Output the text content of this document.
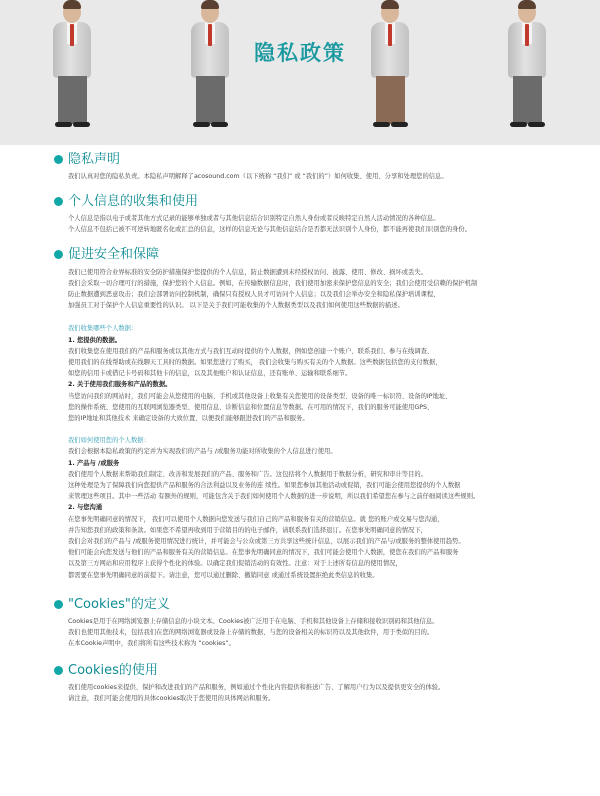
隐私政策
隐私声明

我们认真对您的隐私负责。本隐私声明解释了acosound.com（以下统称 “我们” 或 “我们的”）如何收集、使用、分享和处理您的信息。

个人信息的收集和使用

个人信息是指以电子或者其他方式记录的能够单独或者与其他信息结合识别特定自然人身份或者反映特定自然人活动情况的各种信息。

个人信息不包括已被不可逆转地匿名化或汇总的信息，这样的信息无论与其他信息结合是否都无法识别个人身份，都不能再使我们识别您的身份。

促进安全和保障

我们已使用符合业界标准的安全防护措施保护您提供的个人信息，防止数据遭到未经授权访问、披露、使用、修改、损坏或丢失。

我们会采取一切合理可行的措施，保护您的个人信息。例如，在传输数据信息时，我们使用加密来保护您信息的安全；我们会使用受信赖的保护机制

防止数据遭到恶意攻击；我们会部署访问控制机制，确保只有授权人员才可访问个人信息；以及我们会举办安全和隐私保护培训课程，

加强员工对于保护个人信息重要性的认识。 以下是关于我们可能收集的个人数据类型以及我们如何使用这些数据的描述。

我们收集哪些个人数据：

1. 您提供的数据。

我们收集您在使用我们的产品和服务或以其他方式与我们互动时提供的个人数据，例如您创建一个账户、联系我们、参与在线调查、

使用我们的在线帮助或在线聊天工具时的数据。如果您进行了购买， 我们会收集与购买有关的个人数据。这些数据包括您的支付数据，

如您的信用卡或借记卡号码和其他卡的信息，以及其他账户和认证信息，还有账单、运输和联系细节。

2. 关于使用我们服务和产品的数据。

当您访问我们的网站时，我们可能会从您使用的电脑、手机或其他设备上收集有关您使用的设备类型、设备的唯一标识符、设备的IP地址、

您的操作系统、您使用的互联网浏览器类型、使用信息、诊断信息和位置信息等数据。在可用的情况下，我们的服务可能使用GPS、

您的IP地址和其他技术 来确定设备的大致位置，以便我们能够跟进我们的产品和服务。

我们如何使用您的个人数据：

我们会根据本隐私政策的约定并为实现我们的产品与 /或服务功能对所收集的个人信息进行使用。

1. 产品与 /或服务

我们使用个人数据来帮助我们制定、改善和发展我们的产品、服务和广告。这包括将个人数据用于数据分析，研究和审计等目的。

这种处理是为了保障我们向您提供产品和服务的合法利益以及业务的连 续性。如果您参加其他活动或促销，我们可能会使用您提供的个人数据

来管理这些项目。其中一些活动 有额外的规则，可能包含关于我们如何使用个人数据的进一步说明，所以我们希望您在参与之前仔细阅读这些规则。

2. 与您沟通

在您事先明确同意的情况下， 我们可以使用个人数据向您发送与我们自己的产品和服务有关的营销信息。就 您的账户或交易与您沟通，

并告知您我们的政策和条款。如果您不希望再收到用于营销目的的电子邮件，请联系我们选择退订。在您事先明确同意的情况下，

我们会对我们的产品与 /或服务使用情况进行统计，并可能会与公众或第三方共享这些统计信息，以展示我们的产品与/或服务的整体使用趋势。

他们可能会向您发送与他们的产品和服务有关的营销信息。在您事先明确同意的情况下，我们可能会使用个人数据，使您在我们的产品和服务

以及第三方网站和应用程序上获得个性化的体验。以确定我们促销活动的有效性。注意：对于上述所有信息的使用情况，

都需要在您事先明确同意的前提下。请注意，您可以通过删除、撤销同意 或通过系统设置拒绝此类信息的收集。

"Cookies"的定义

Cookies是用于在网络浏览器上存储信息的小块文本。Cookies被广泛用于在电脑、手机和其他设备上存储和接收识别码和其他信息。

我们也使用其他技术，包括我们在您的网络浏览器或设备上存储的数据、与您的设备相关的标识符以及其他软件，用于类似的目的。

在本Cookie声明中，我们将所有这些技术称为 “cookies”。

Cookies的使用

我们使用cookies来提供、保护和改进我们的产品和服务，例如通过个性化内容提供和推送广告、了解用户行为以及提供更安全的体验。

请注意，我们可能会使用的具体cookies取决于您使用的具体网站和服务。
